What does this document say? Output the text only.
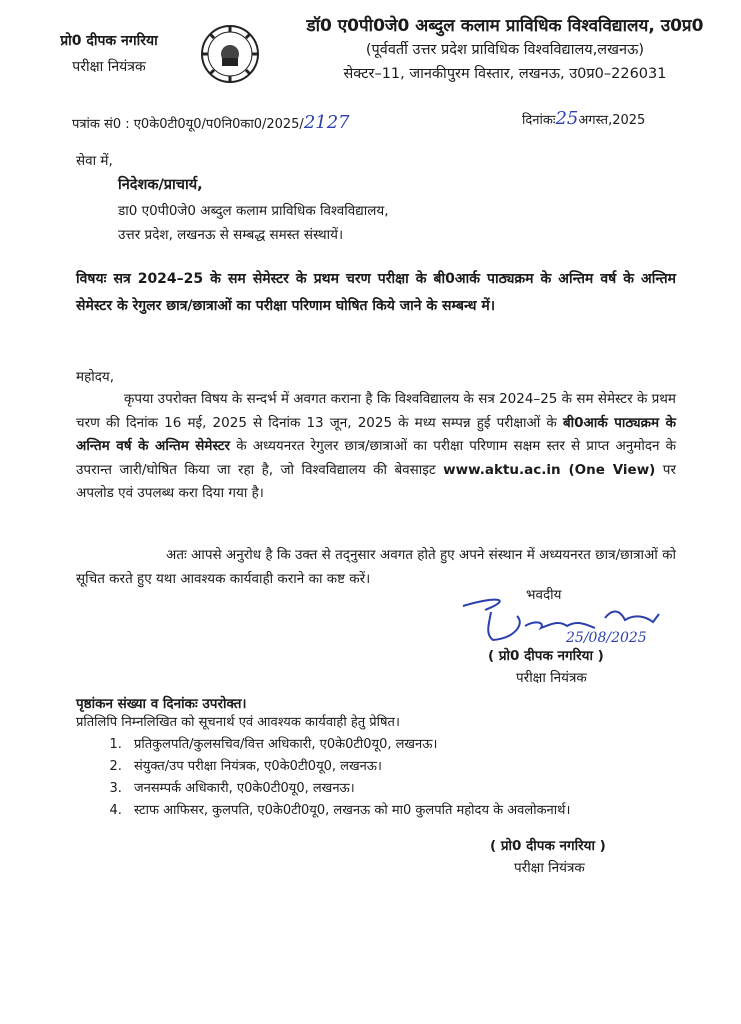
प्रो0 दीपक नगरिया
परीक्षा नियंत्रक
डॉ0 ए0पी0जे0 अब्दुल कलाम प्राविधिक विश्वविद्यालय, उ0प्र0
(पूर्ववर्ती उत्तर प्रदेश प्राविधिक विश्वविद्यालय,लखनऊ)
सेक्टर–11, जानकीपुरम विस्तार, लखनऊ, उ0प्र0–226031
पत्रांक सं0 : ए0के0टी0यू0/प0नि0का0/2025/2127	दिनांकः25अगस्त,2025
सेवा में,
निदेशक/प्राचार्य,
डा0 ए0पी0जे0 अब्दुल कलाम प्राविधिक विश्वविद्यालय,
उत्तर प्रदेश, लखनऊ से सम्बद्ध समस्त संस्थायें।
विषयः सत्र 2024–25 के सम सेमेस्टर के प्रथम चरण परीक्षा के बी0आर्क पाठ्यक्रम के अन्तिम वर्ष के अन्तिम सेमेस्टर के रेगुलर छात्र/छात्राओं का परीक्षा परिणाम घोषित किये जाने के सम्बन्ध में।
महोदय,
कृपया उपरोक्त विषय के सन्दर्भ में अवगत कराना है कि विश्वविद्यालय के सत्र 2024–25 के सम सेमेस्टर के प्रथम चरण की दिनांक 16 मई, 2025 से दिनांक 13 जून, 2025 के मध्य सम्पन्न हुई परीक्षाओं के बी0आर्क पाठ्यक्रम के अन्तिम वर्ष के अन्तिम सेमेस्टर के अध्ययनरत रेगुलर छात्र/छात्राओं का परीक्षा परिणाम सक्षम स्तर से प्राप्त अनुमोदन के उपरान्त जारी/घोषित किया जा रहा है, जो विश्वविद्यालय की बेवसाइट www.aktu.ac.in (One View) पर अपलोड एवं उपलब्ध करा दिया गया है।
अतः आपसे अनुरोध है कि उक्त से तद्नुसार अवगत होते हुए अपने संस्थान में अध्ययनरत छात्र/छात्राओं को सूचित करते हुए यथा आवश्यक कार्यवाही कराने का कष्ट करें।
भवदीय
25/08/2025
( प्रो0 दीपक नगरिया )
परीक्षा नियंत्रक
पृष्ठांकन संख्या व दिनांकः उपरोक्त।
प्रतिलिपि निम्नलिखित को सूचनार्थ एवं आवश्यक कार्यवाही हेतु प्रेषित।
1. प्रतिकुलपति/कुलसचिव/वित्त अधिकारी, ए0के0टी0यू0, लखनऊ।
2. संयुक्त/उप परीक्षा नियंत्रक, ए0के0टी0यू0, लखनऊ।
3. जनसम्पर्क अधिकारी, ए0के0टी0यू0, लखनऊ।
4. स्टाफ आफिसर, कुलपति, ए0के0टी0यू0, लखनऊ को मा0 कुलपति महोदय के अवलोकनार्थ।
( प्रो0 दीपक नगरिया )
परीक्षा नियंत्रक
